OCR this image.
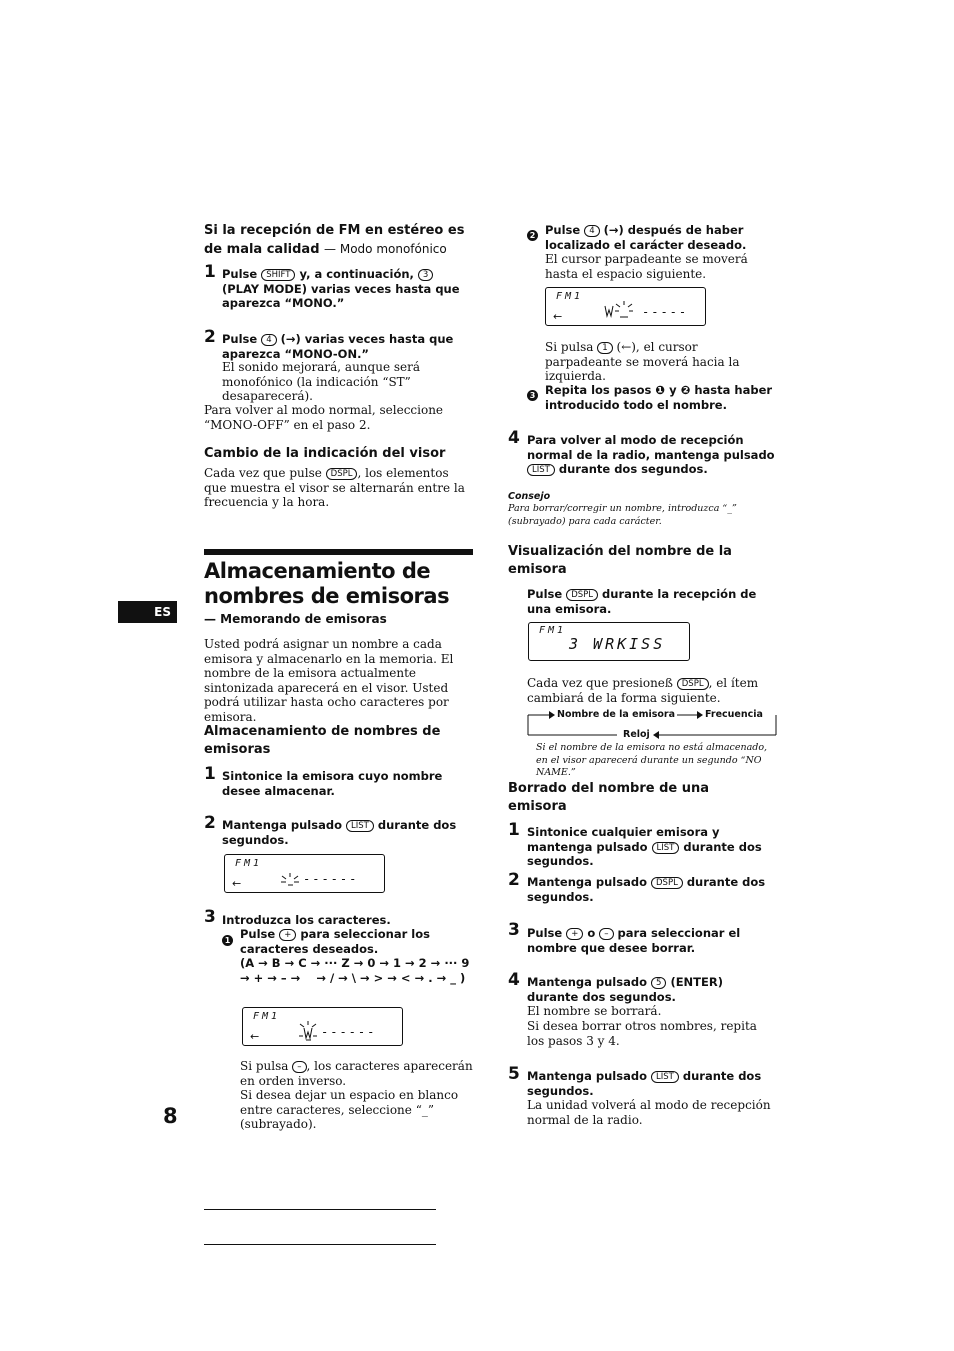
Si la recepción de FM en estéreo es de mala calidad — Modo monofónico
1 Pulse SHIFT y, a continuación, 3 (PLAY MODE) varias veces hasta que aparezca “MONO.”
2 Pulse 4 (→) varias veces hasta que aparezca “MONO-ON.”
El sonido mejorará, aunque será monofónico (la indicación “ST” desaparecerá).
Para volver al modo normal, seleccione “MONO-OFF” en el paso 2.
Cambio de la indicación del visor
Cada vez que pulse DSPL , los elementos que muestra el visor se alternarán entre la frecuencia y la hora.
Almacenamiento de
nombres de emisoras
— Memorando de emisoras
ES
Usted podrá asignar un nombre a cada emisora y almacenarlo en la memoria. El nombre de la emisora actualmente sintonizada aparecerá en el visor. Usted podrá utilizar hasta ocho caracteres por emisora.
Almacenamiento de nombres de emisoras
1 Sintonice la emisora cuyo nombre desee almacenar.
2 Mantenga pulsado LIST durante dos segundos.
FM1
←	------
3 Introduzca los caracteres.
1 Pulse + para seleccionar los caracteres deseados.
(A → B → C → ··· Z → 0 → 1 → 2 → ··· 9 → + → – →    → / → \ → > → < → . → _ )
FM1
←	------
Si pulsa – , los caracteres aparecerán en orden inverso.
Si desea dejar un espacio en blanco entre caracteres, seleccione “_” (subrayado).
8
2 Pulse 4 (→) después de haber localizado el carácter deseado.
El cursor parpadeante se moverá hasta el espacio siguiente.
FM1
←	-----
Si pulsa 1 (←), el cursor parpadeante se moverá hacia la izquierda.
3 Repita los pasos ❶ y ❷ hasta haber introducido todo el nombre.
4 Para volver al modo de recepción normal de la radio, mantenga pulsado LIST durante dos segundos.
Consejo
Para borrar/corregir un nombre, introduzca “_” (subrayado) para cada carácter.
Visualización del nombre de la emisora
Pulse DSPL durante la recepción de una emisora.
FM1
3 WRKISS
Cada vez que presioneß DSPL , el ítem cambiará de la forma siguiente.
Nombre de la emisora	Frecuencia
Reloj
Si el nombre de la emisora no está almacenado, en el visor aparecerá durante un segundo “NO NAME.”
Borrado del nombre de una emisora
1 Sintonice cualquier emisora y mantenga pulsado LIST durante dos segundos.
2 Mantenga pulsado DSPL durante dos segundos.
3 Pulse + o – para seleccionar el nombre que desee borrar.
4 Mantenga pulsado 5 (ENTER) durante dos segundos.
El nombre se borrará.
Si desea borrar otros nombres, repita los pasos 3 y 4.
5 Mantenga pulsado LIST durante dos segundos.
La unidad volverá al modo de recepción normal de la radio.
